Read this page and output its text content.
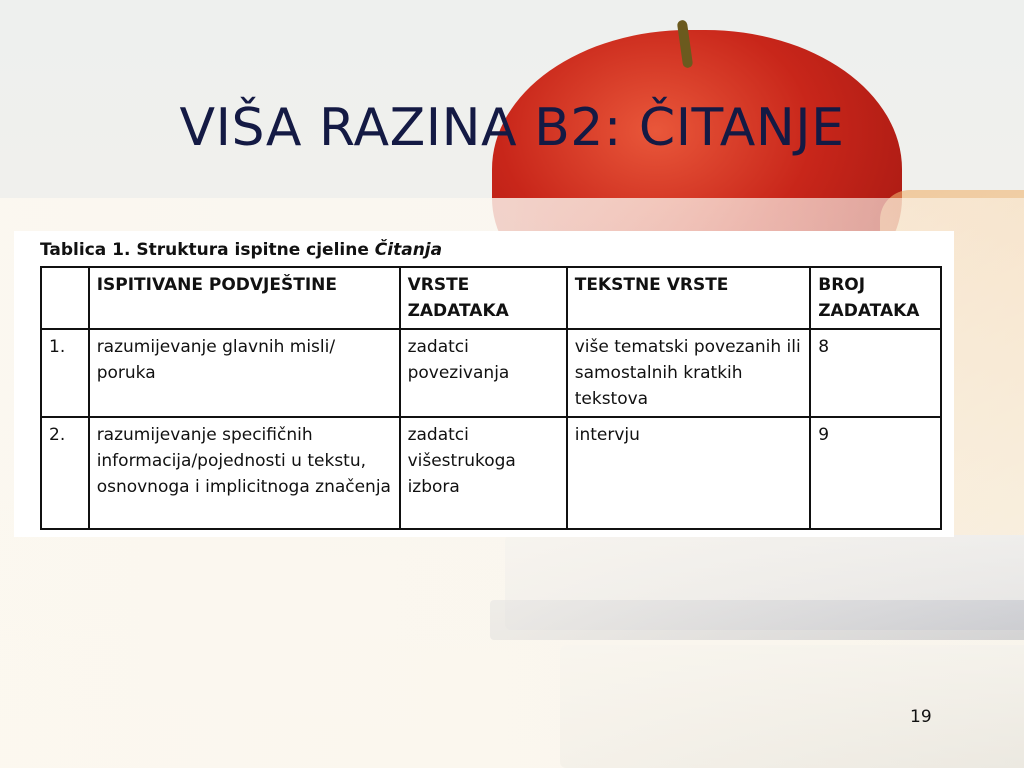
VIŠA RAZINA B2: ČITANJE
Tablica 1. Struktura ispitne cjeline Čitanja
	ISPITIVANE PODVJEŠTINE	VRSTE ZADATAKA	TEKSTNE VRSTE	BROJ ZADATAKA
1.	razumijevanje glavnih misli/ poruka	zadatci povezivanja	više tematski povezanih ili samostalnih kratkih tekstova	8
2.	razumijevanje specifičnih informacija/pojednosti u tekstu, osnovnoga i implicitnoga značenja	zadatci višestrukoga izbora	intervju	9
19
